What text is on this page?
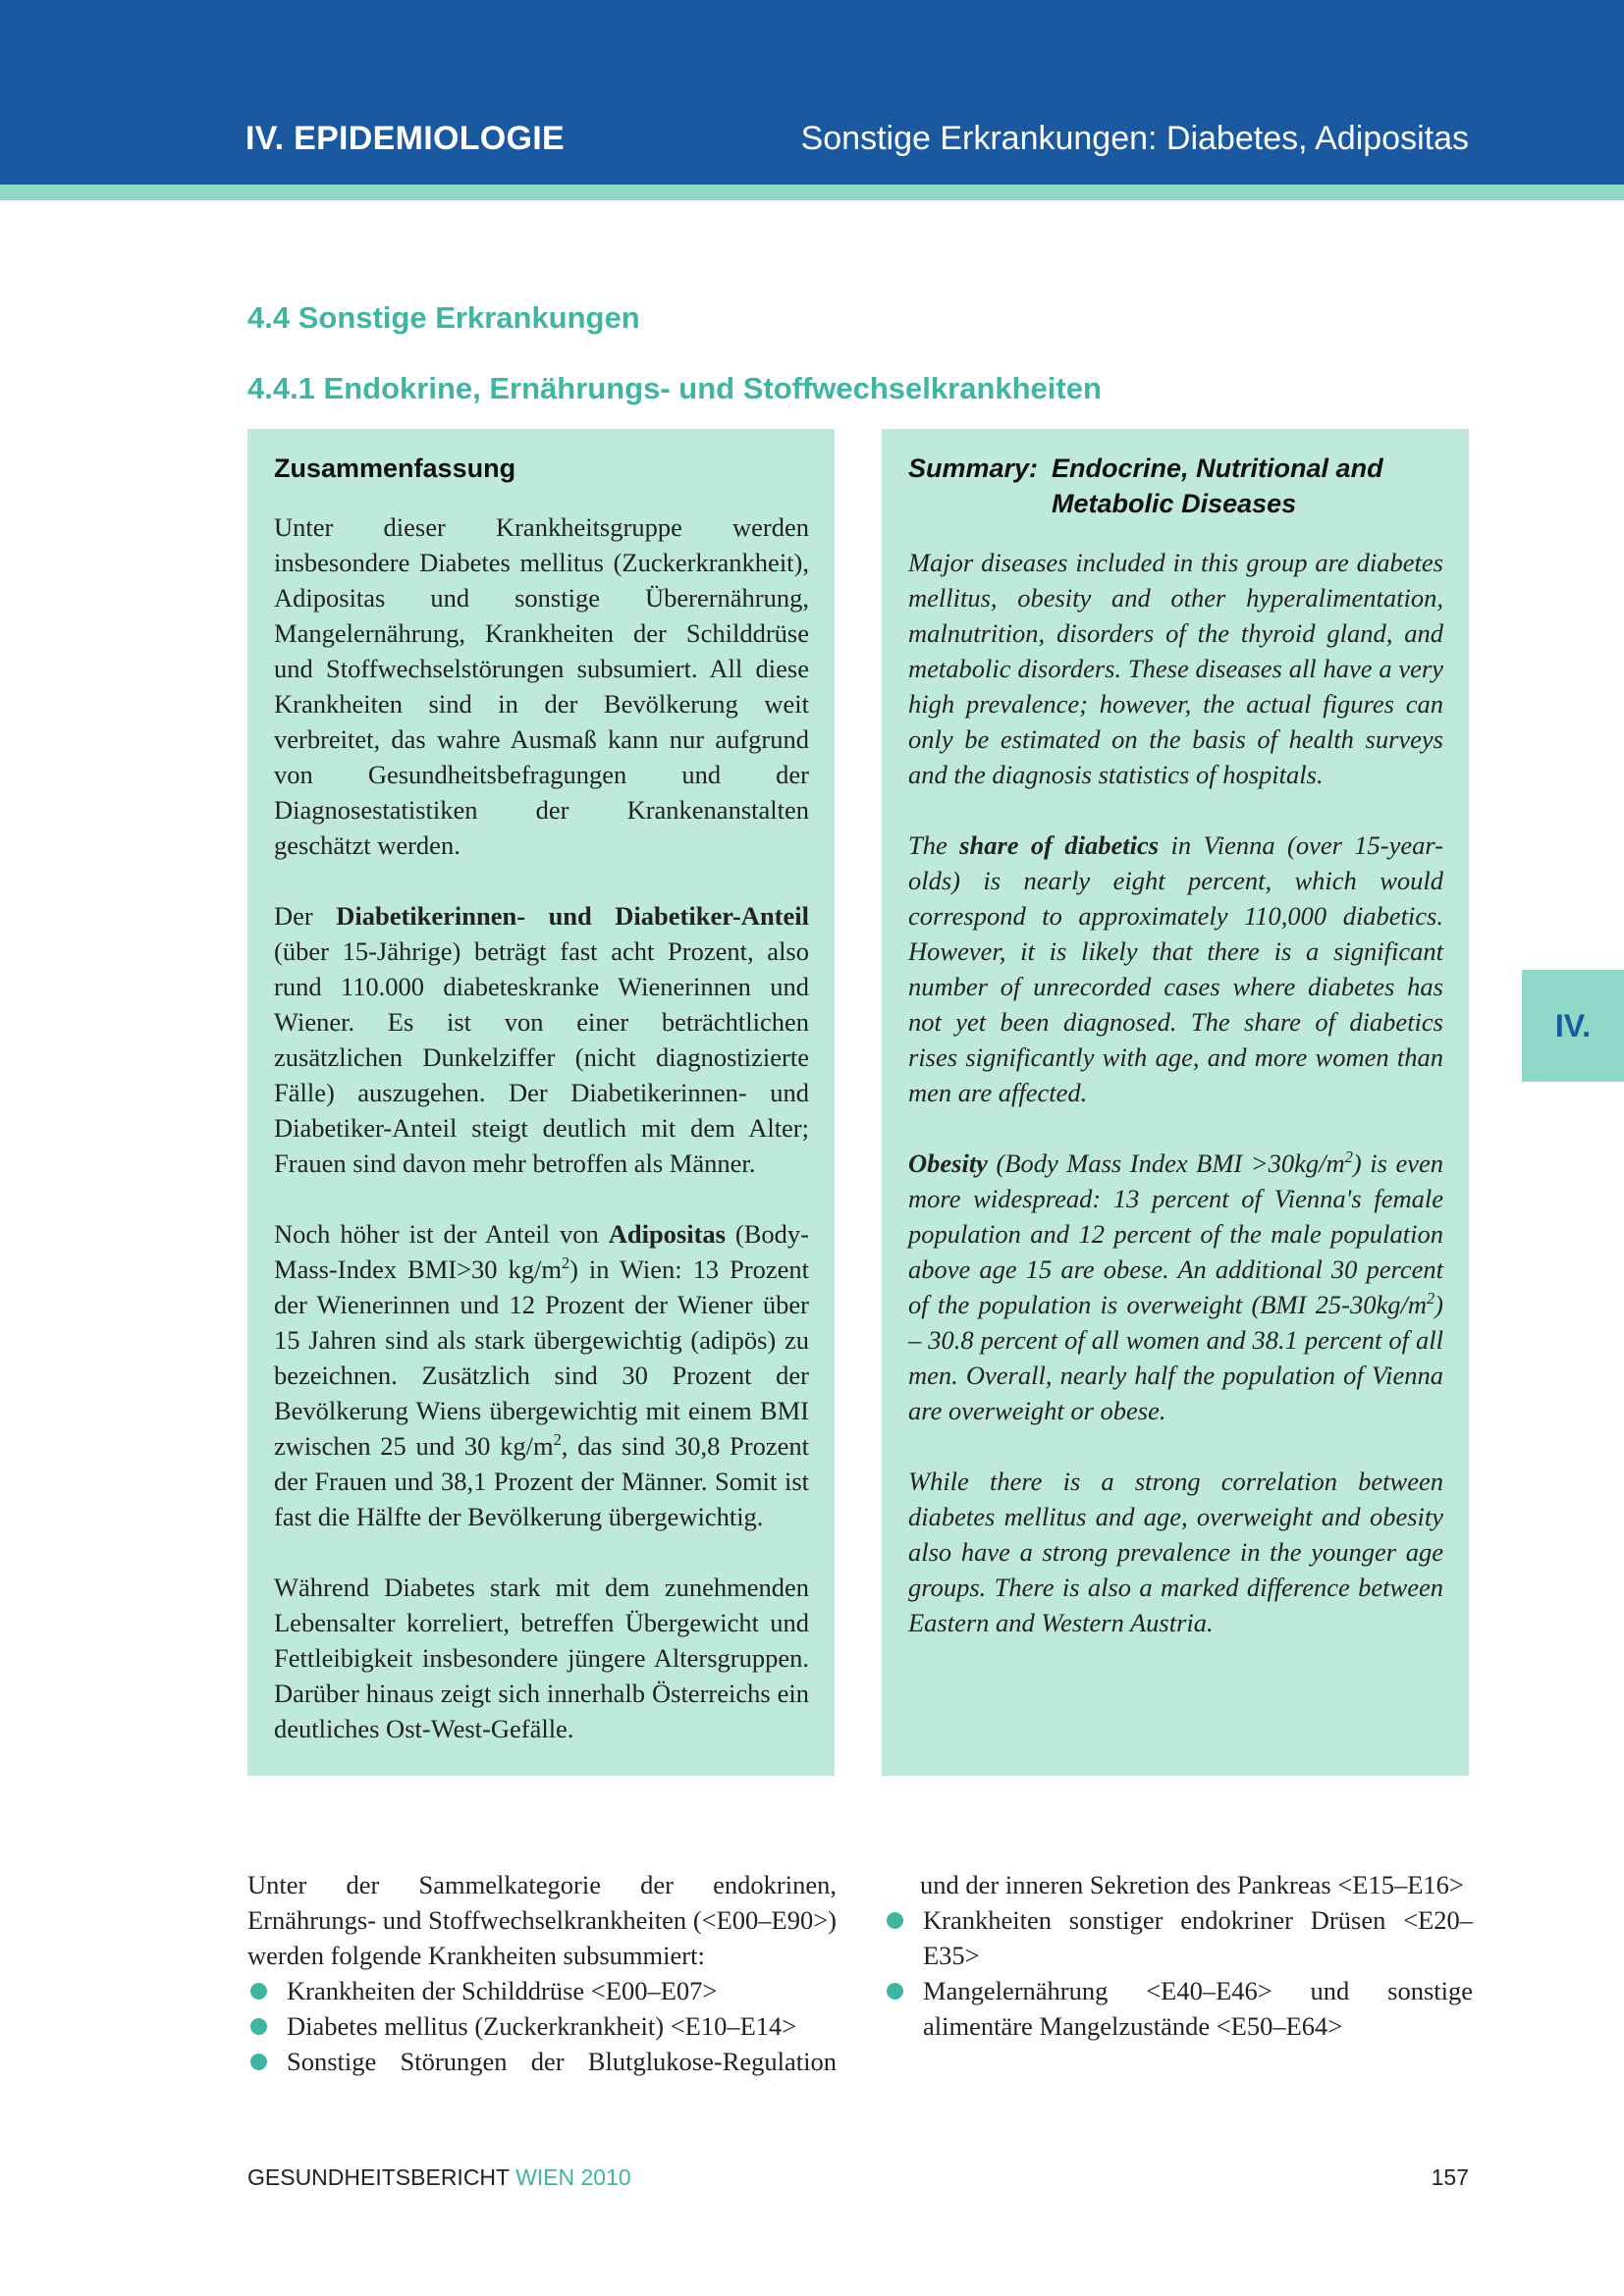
IV. EPIDEMIOLOGIE	Sonstige Erkrankungen: Diabetes, Adipositas
IV.
4.4 Sonstige Erkrankungen
4.4.1 Endokrine, Ernährungs- und Stoffwechselkrankheiten
Zusammenfassung

Unter dieser Krankheitsgruppe werden insbesondere Diabetes mellitus (Zuckerkrankheit), Adipositas und sonstige Überernährung, Mangelernährung, Krankheiten der Schilddrüse und Stoffwechselstörungen subsumiert. All diese Krankheiten sind in der Bevölkerung weit verbreitet, das wahre Ausmaß kann nur aufgrund von Gesundheitsbefragungen und der Diagnosestatistiken der Krankenanstalten geschätzt werden.

Der Diabetikerinnen- und Diabetiker-Anteil (über 15-Jährige) beträgt fast acht Prozent, also rund 110.000 diabeteskranke Wienerinnen und Wiener. Es ist von einer beträchtlichen zusätzlichen Dunkelziffer (nicht diagnostizierte Fälle) auszugehen. Der Diabetikerinnen- und Diabetiker-Anteil steigt deutlich mit dem Alter; Frauen sind davon mehr betroffen als Männer.

Noch höher ist der Anteil von Adipositas (Body-Mass-Index BMI>30 $kg/m^2$) in Wien: 13 Prozent der Wienerinnen und 12 Prozent der Wiener über 15 Jahren sind als stark übergewichtig (adipös) zu bezeichnen. Zusätzlich sind 30 Prozent der Bevölkerung Wiens übergewichtig mit einem BMI zwischen 25 und 30 $kg/m^2$, das sind 30,8 Prozent der Frauen und 38,1 Prozent der Männer. Somit ist fast die Hälfte der Bevölkerung übergewichtig.

Während Diabetes stark mit dem zunehmenden Lebensalter korreliert, betreffen Übergewicht und Fettleibigkeit insbesondere jüngere Altersgruppen. Darüber hinaus zeigt sich innerhalb Österreichs ein deutliches Ost-West-Gefälle.

Summary: Endocrine, Nutritional and Metabolic Diseases

Major diseases included in this group are diabetes mellitus, obesity and other hyperalimentation, malnutrition, disorders of the thyroid gland, and metabolic disorders. These diseases all have a very high prevalence; however, the actual figures can only be estimated on the basis of health surveys and the diagnosis statistics of hospitals.

The share of diabetics in Vienna (over 15-year-olds) is nearly eight percent, which would correspond to approximately 110,000 diabetics. However, it is likely that there is a significant number of unrecorded cases where diabetes has not yet been diagnosed. The share of diabetics rises significantly with age, and more women than men are affected.

Obesity (Body Mass Index BMI $>30kg/m^2$) is even more widespread: 13 percent of Vienna's female population and 12 percent of the male population above age 15 are obese. An additional 30 percent of the population is overweight (BMI $25-30kg/m^2) - 30.8$ percent of all women and 38.1 percent of all men. Overall, nearly half the population of Vienna are overweight or obese.

While there is a strong correlation between diabetes mellitus and age, overweight and obesity also have a strong prevalence in the younger age groups. There is also a marked difference between Eastern and Western Austria.

Unter der Sammelkategorie der endokrinen, Ernährungs- und Stoffwechselkrankheiten (<E00–E90>) werden folgende Krankheiten subsummiert:

Krankheiten der Schilddrüse <E00–E07>
Diabetes mellitus (Zuckerkrankheit) <E10–E14>
Sonstige Störungen der Blutglukose-Regulation
und der inneren Sekretion des Pankreas <E15–E16>
Krankheiten sonstiger endokriner Drüsen <E20–E35>
Mangelernährung <E40–E46> und sonstige alimentäre Mangelzustände <E50–E64>
GESUNDHEITSBERICHT WIEN 2010	157
